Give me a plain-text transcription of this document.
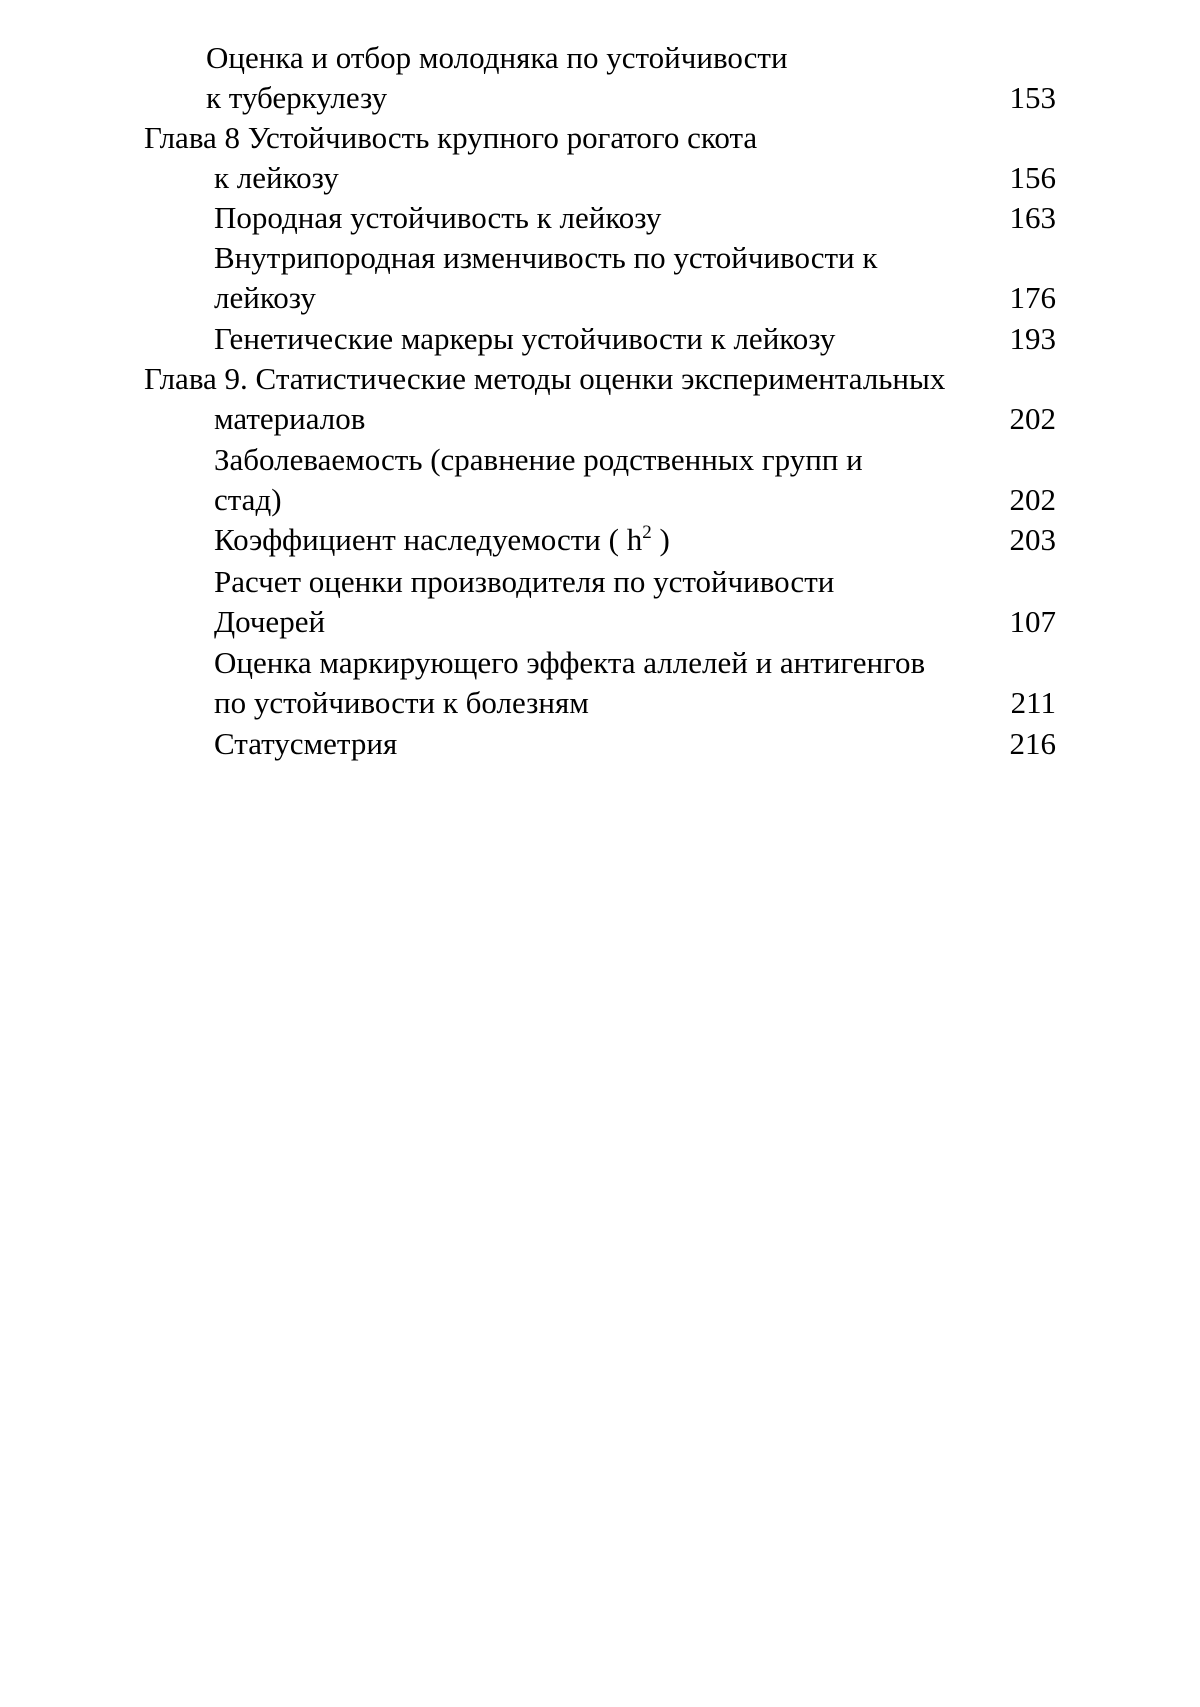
Оценка и отбор молодняка по устойчивости
к туберкулезу	153
Глава 8 Устойчивость крупного рогатого скота
к лейкозу	156
Породная устойчивость к лейкозу	163
Внутрипородная изменчивость по устойчивости к
лейкозу	176
Генетические маркеры устойчивости к лейкозу	193
Глава 9. Статистические методы оценки экспериментальных
материалов	202
Заболеваемость (сравнение родственных групп и
стад)	202
Коэффициент наследуемости ( $h^2$ )	203
Расчет оценки производителя по устойчивости
Дочерей	107
Оценка маркирующего эффекта аллелей и антигенгов
по устойчивости к болезням	211
Статусметрия	216
